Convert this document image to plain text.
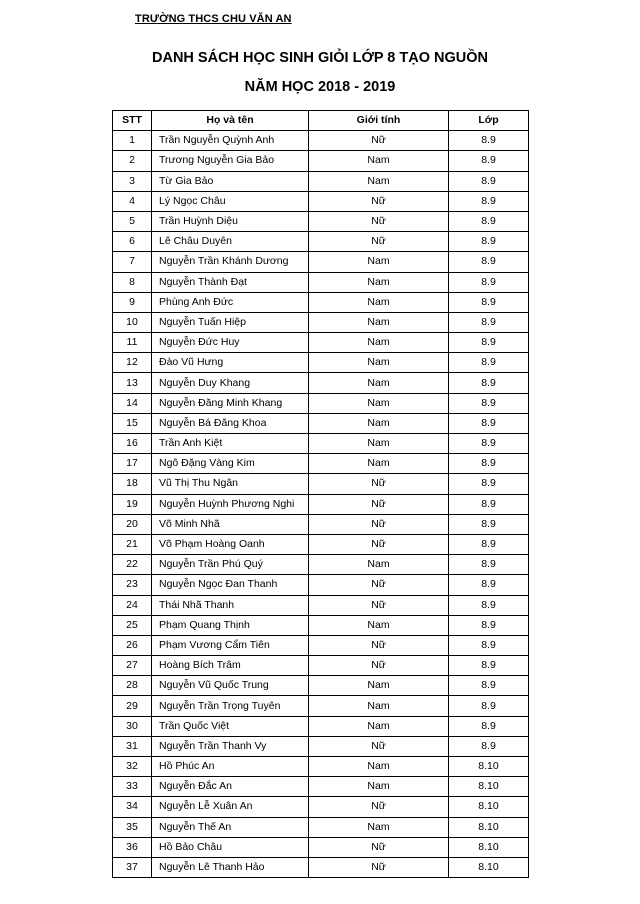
TRƯỜNG THCS CHU VĂN AN
DANH SÁCH HỌC SINH GIỎI LỚP 8 TẠO NGUỒN
NĂM HỌC 2018 - 2019
STT	Họ và tên	Giới tính	Lớp
1	Trần Nguyễn Quỳnh Anh	Nữ	8.9
2	Trương Nguyễn Gia Bảo	Nam	8.9
3	Từ Gia Bảo	Nam	8.9
4	Lý Ngọc Châu	Nữ	8.9
5	Trần Huỳnh Diệu	Nữ	8.9
6	Lê Châu Duyên	Nữ	8.9
7	Nguyễn Trần Khánh Dương	Nam	8.9
8	Nguyễn Thành Đạt	Nam	8.9
9	Phùng Anh Đức	Nam	8.9
10	Nguyễn Tuấn Hiệp	Nam	8.9
11	Nguyễn Đức Huy	Nam	8.9
12	Đào Vũ Hưng	Nam	8.9
13	Nguyễn Duy Khang	Nam	8.9
14	Nguyễn Đăng Minh Khang	Nam	8.9
15	Nguyễn Bá Đăng Khoa	Nam	8.9
16	Trần Anh Kiệt	Nam	8.9
17	Ngô Đặng Vàng Kim	Nam	8.9
18	Vũ Thị Thu Ngân	Nữ	8.9
19	Nguyễn Huỳnh Phương Nghi	Nữ	8.9
20	Võ Minh Nhã	Nữ	8.9
21	Võ Phạm Hoàng Oanh	Nữ	8.9
22	Nguyễn Trần Phú Quý	Nam	8.9
23	Nguyễn Ngọc Đan Thanh	Nữ	8.9
24	Thái Nhã Thanh	Nữ	8.9
25	Phạm Quang Thịnh	Nam	8.9
26	Phạm Vương Cẩm Tiên	Nữ	8.9
27	Hoàng Bích Trâm	Nữ	8.9
28	Nguyễn Vũ Quốc Trung	Nam	8.9
29	Nguyễn Trần Trọng Tuyên	Nam	8.9
30	Trần Quốc Việt	Nam	8.9
31	Nguyễn Trần Thanh Vy	Nữ	8.9
32	Hồ Phúc An	Nam	8.10
33	Nguyễn Đắc An	Nam	8.10
34	Nguyễn Lễ Xuân An	Nữ	8.10
35	Nguyễn Thế An	Nam	8.10
36	Hồ Bảo Châu	Nữ	8.10
37	Nguyễn Lê Thanh Hảo	Nữ	8.10
